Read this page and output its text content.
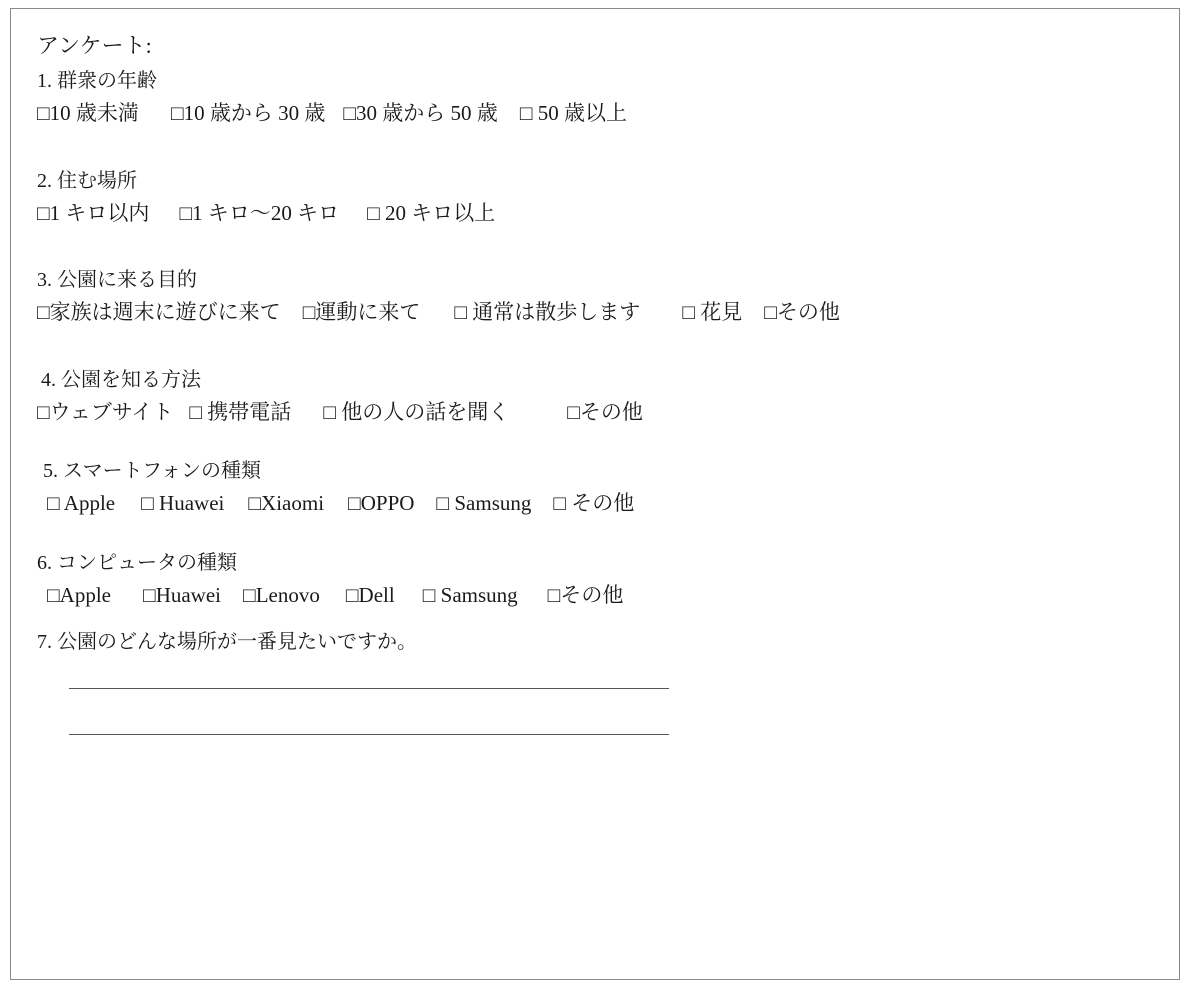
アンケート:
1. 群衆の年齢
□10 歳未満 □10 歳から 30 歳 □30 歳から 50 歳 □ 50 歳以上
2. 住む場所
□1 キロ以内 □1 キロ～20 キロ □ 20 キロ以上
3. 公園に来る目的
□家族は週末に遊びに来て □運動に来て □ 通常は散歩します □ 花見 □その他
4. 公園を知る方法
□ウェブサイト □ 携帯電話 □ 他の人の話を聞く	□その他
5. スマートフォンの種類
□ Apple □ Huawei □Xiaomi □OPPO □ Samsung □ その他
6. コンピュータの種類
□Apple □Huawei □Lenovo □Dell □ Samsung □その他
7. 公園のどんな場所が一番見たいですか。
